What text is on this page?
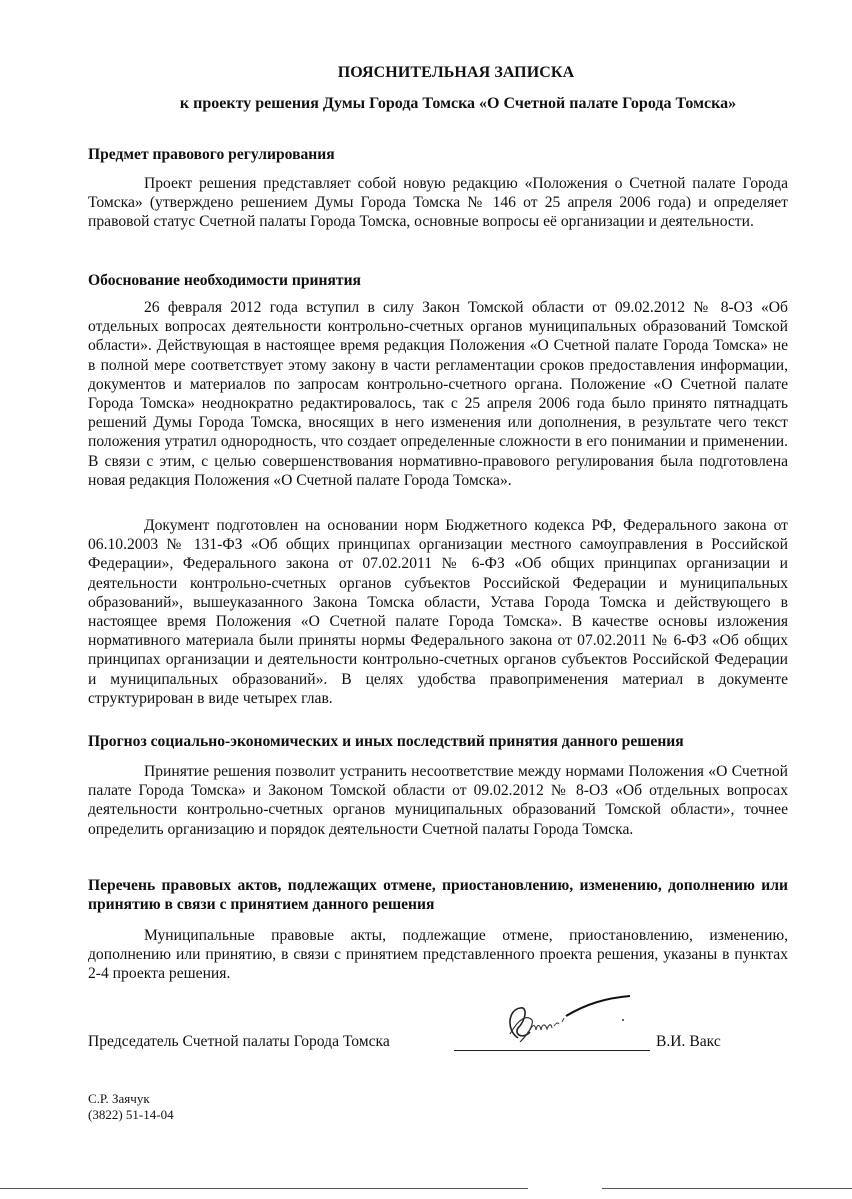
ПОЯСНИТЕЛЬНАЯ ЗАПИСКА
к проекту решения Думы Города Томска «О Счетной палате Города Томска»
Предмет правового регулирования
Проект решения представляет собой новую редакцию «Положения о Счетной палате Города Томска» (утверждено решением Думы Города Томска № 146 от 25 апреля 2006 года) и определяет правовой статус Счетной палаты Города Томска, основные вопросы её организации и деятельности.
Обоснование необходимости принятия
26 февраля 2012 года вступил в силу Закон Томской области от 09.02.2012 № 8-ОЗ «Об отдельных вопросах деятельности контрольно-счетных органов муниципальных образований Томской области». Действующая в настоящее время редакция Положения «О Счетной палате Города Томска» не в полной мере соответствует этому закону в части регламентации сроков предоставления информации, документов и материалов по запросам контрольно-счетного органа. Положение «О Счетной палате Города Томска» неоднократно редактировалось, так с 25 апреля 2006 года было принято пятнадцать решений Думы Города Томска, вносящих в него изменения или дополнения, в результате чего текст положения утратил однородность, что создает определенные сложности в его понимании и применении. В связи с этим, с целью совершенствования нормативно-правового регулирования была подготовлена новая редакция Положения «О Счетной палате Города Томска».
Документ подготовлен на основании норм Бюджетного кодекса РФ, Федерального закона от 06.10.2003 № 131-ФЗ «Об общих принципах организации местного самоуправления в Российской Федерации», Федерального закона от 07.02.2011 № 6-ФЗ «Об общих принципах организации и деятельности контрольно-счетных органов субъектов Российской Федерации и муниципальных образований», вышеуказанного Закона Томска области, Устава Города Томска и действующего в настоящее время Положения «О Счетной палате Города Томска». В качестве основы изложения нормативного материала были приняты нормы Федерального закона от 07.02.2011 № 6-ФЗ «Об общих принципах организации и деятельности контрольно-счетных органов субъектов Российской Федерации и муниципальных образований». В целях удобства правоприменения материал в документе структурирован в виде четырех глав.
Прогноз социально-экономических и иных последствий принятия данного решения
Принятие решения позволит устранить несоответствие между нормами Положения «О Счетной палате Города Томска» и Законом Томской области от 09.02.2012 № 8-ОЗ «Об отдельных вопросах деятельности контрольно-счетных органов муниципальных образований Томской области», точнее определить организацию и порядок деятельности Счетной палаты Города Томска.
Перечень правовых актов, подлежащих отмене, приостановлению, изменению, дополнению или принятию в связи с принятием данного решения
Муниципальные правовые акты, подлежащие отмене, приостановлению, изменению, дополнению или принятию, в связи с принятием представленного проекта решения, указаны в пунктах 2-4 проекта решения.
Председатель Счетной палаты Города Томска	В.И. Вакс
С.Р. Заячук
(3822) 51-14-04
